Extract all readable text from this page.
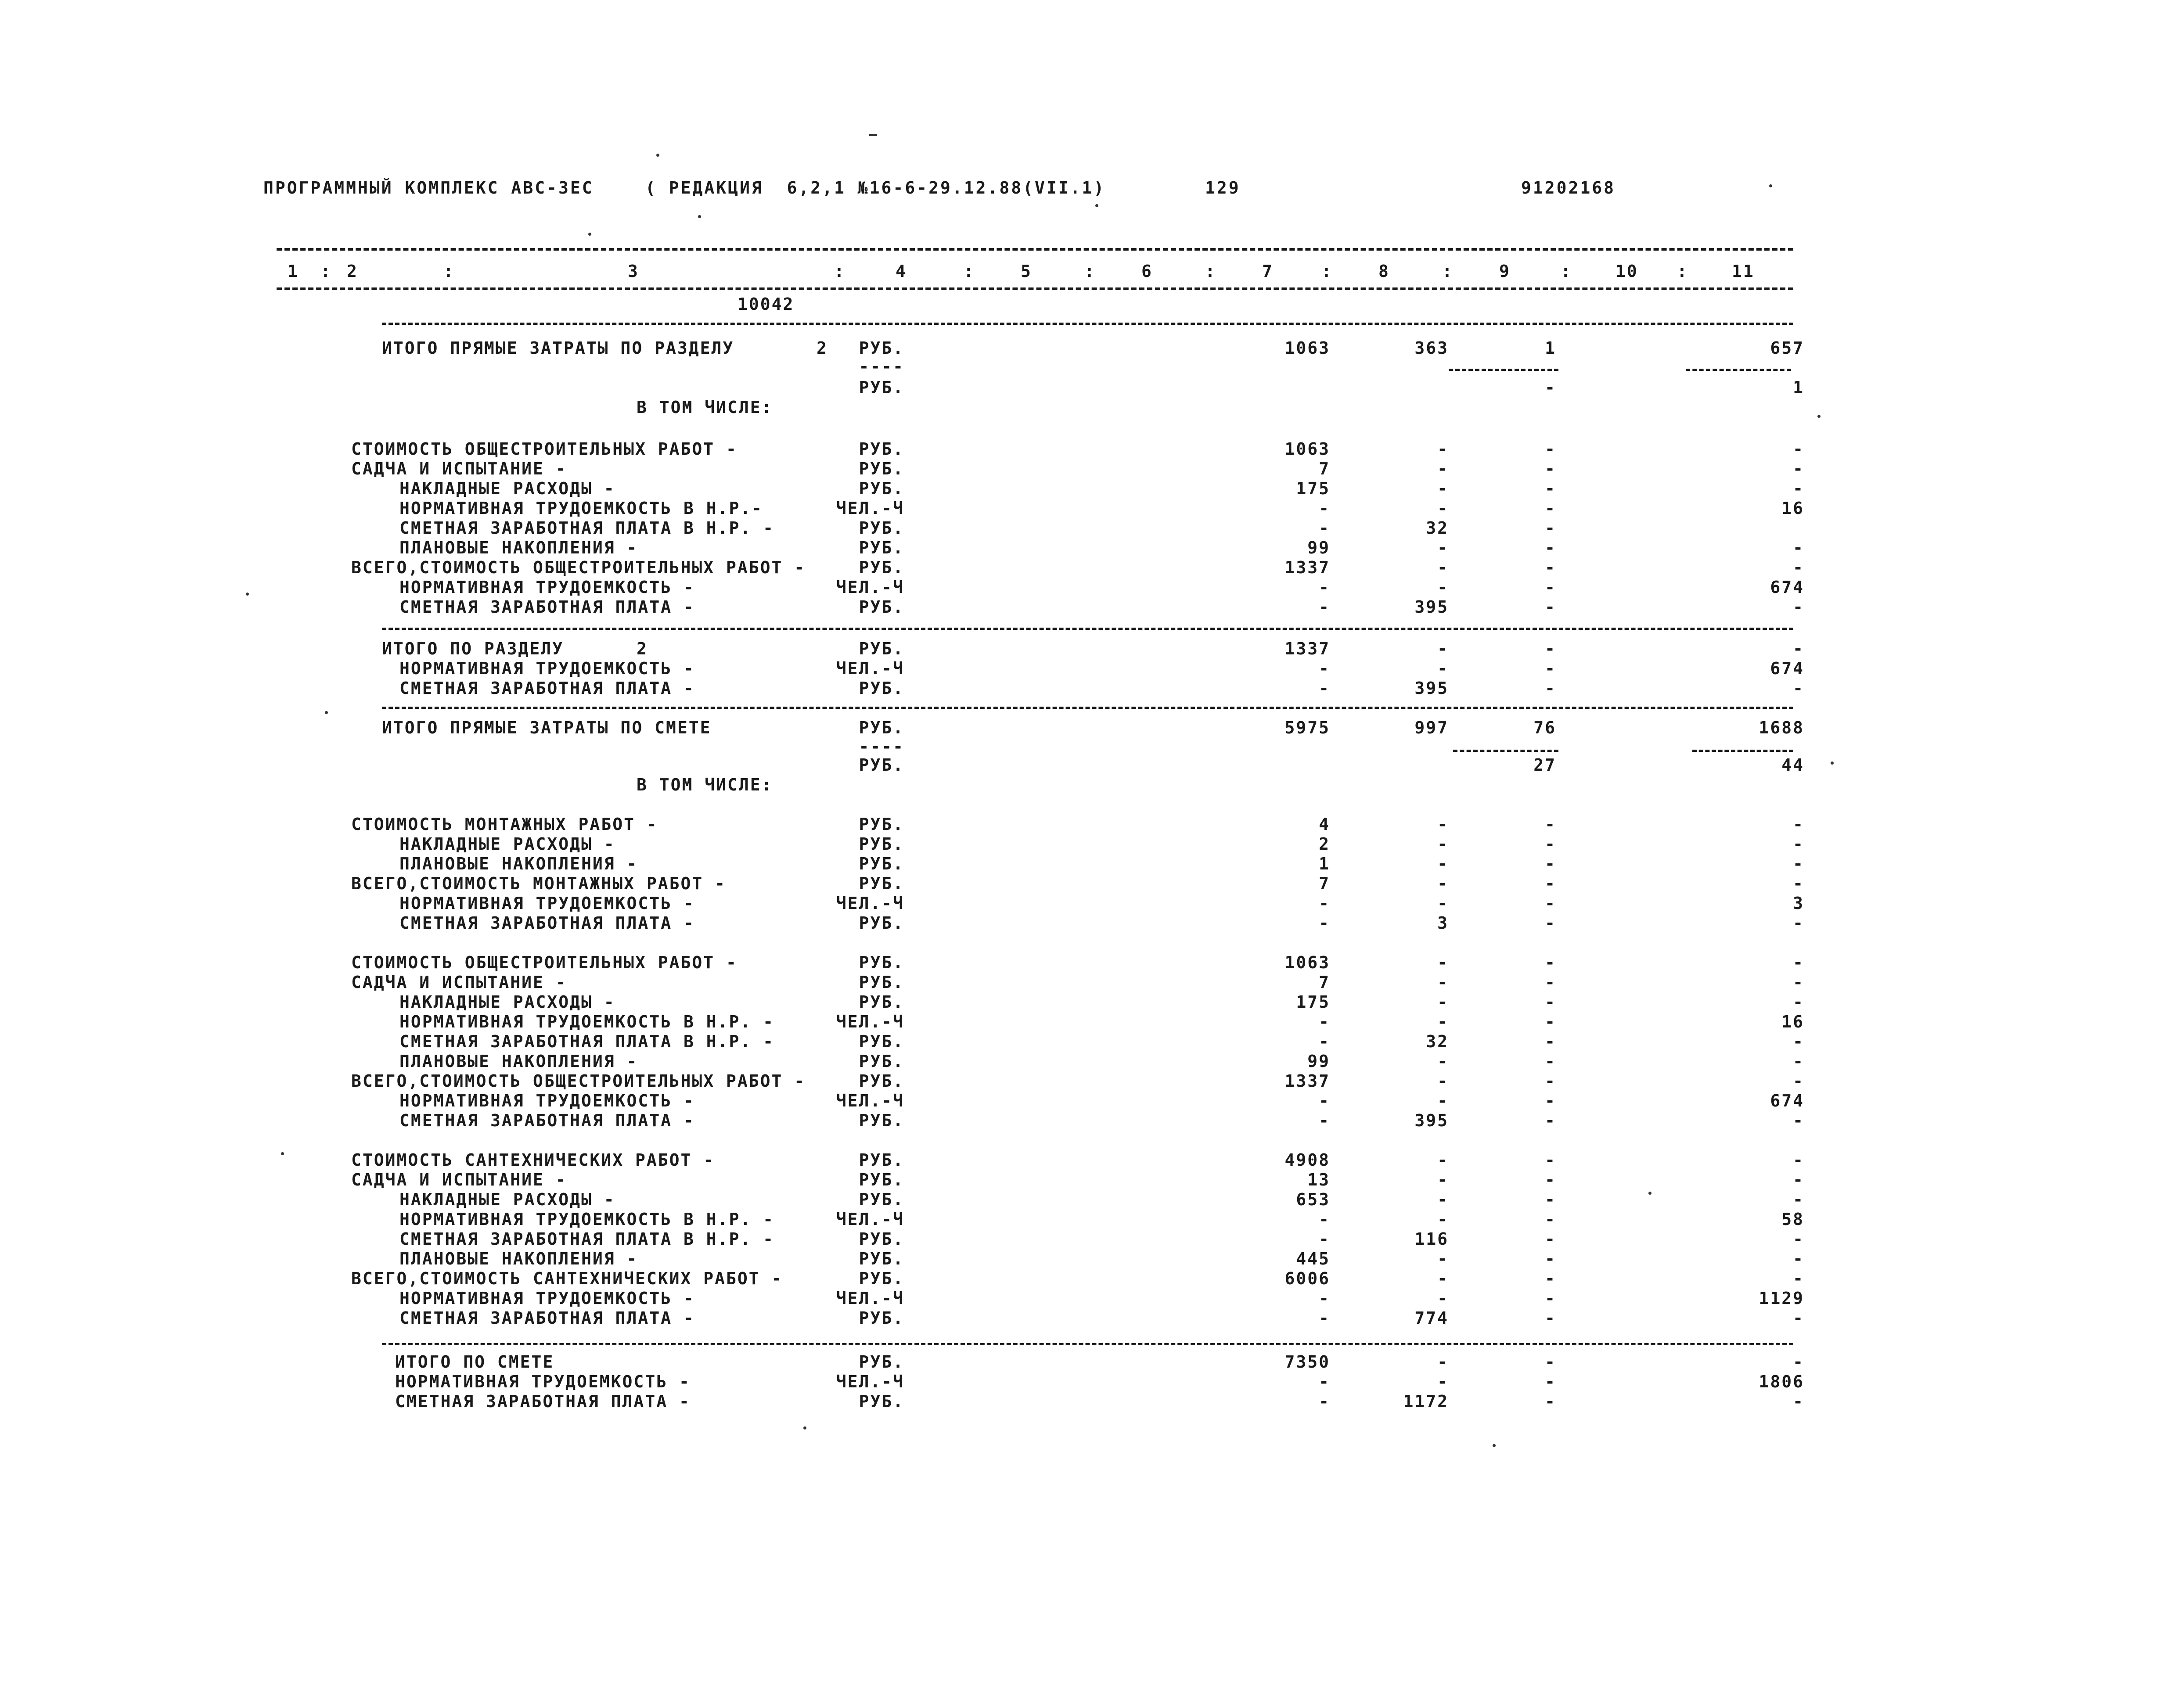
ПРОГРАММНЫЙ КОМПЛЕКС АВС-ЗЕС	( РЕДАКЦИЯ  6,2,1 №16-6-29.12.88(VII.1)	129	91202168
1 : 2	:	3	:	4	:	5	:	6	:	7	:	8	:	9	:	10 :	11
10042
ИТОГО ПРЯМЫЕ ЗАТРАТЫ ПО РАЗДЕЛУ	2	РУБ.	1063	363	1	657
----
РУБ.	-	1
В ТОМ ЧИСЛЕ:
СТОИМОСТЬ ОБЩЕСТРОИТЕЛЬНЫХ РАБОТ -	РУБ.	1063	-	-	-
САДЧА И ИСПЫТАНИЕ -	РУБ.	7	-	-	-
НАКЛАДНЫЕ РАСХОДЫ -	РУБ.	175	-	-	-
НОРМАТИВНАЯ ТРУДОЕМКОСТЬ В Н.Р.-	ЧЕЛ.-Ч	-	-	-	16
СМЕТНАЯ ЗАРАБОТНАЯ ПЛАТА В Н.Р. -	РУБ.	-	32	-
ПЛАНОВЫЕ НАКОПЛЕНИЯ -	РУБ.	99	-	-	-
ВСЕГО,СТОИМОСТЬ ОБЩЕСТРОИТЕЛЬНЫХ РАБОТ -	РУБ.	1337	-	-	-
НОРМАТИВНАЯ ТРУДОЕМКОСТЬ -	ЧЕЛ.-Ч	-	-	-	674
СМЕТНАЯ ЗАРАБОТНАЯ ПЛАТА -	РУБ.	-	395	-	-
ИТОГО ПО РАЗДЕЛУ	2	РУБ.	1337	-	-	-
НОРМАТИВНАЯ ТРУДОЕМКОСТЬ -	ЧЕЛ.-Ч	-	-	-	674
СМЕТНАЯ ЗАРАБОТНАЯ ПЛАТА -	РУБ.	-	395	-	-
ИТОГО ПРЯМЫЕ ЗАТРАТЫ ПО СМЕТЕ	РУБ.	5975	997	76	1688
----
РУБ.	27	44
В ТОМ ЧИСЛЕ:
СТОИМОСТЬ МОНТАЖНЫХ РАБОТ -	РУБ.	4	-	-	-
НАКЛАДНЫЕ РАСХОДЫ -	РУБ.	2	-	-	-
ПЛАНОВЫЕ НАКОПЛЕНИЯ -	РУБ.	1	-	-	-
ВСЕГО,СТОИМОСТЬ МОНТАЖНЫХ РАБОТ -	РУБ.	7	-	-	-
НОРМАТИВНАЯ ТРУДОЕМКОСТЬ -	ЧЕЛ.-Ч	-	-	-	3
СМЕТНАЯ ЗАРАБОТНАЯ ПЛАТА -	РУБ.	-	3	-	-
СТОИМОСТЬ ОБЩЕСТРОИТЕЛЬНЫХ РАБОТ -	РУБ.	1063	-	-	-
САДЧА И ИСПЫТАНИЕ -	РУБ.	7	-	-	-
НАКЛАДНЫЕ РАСХОДЫ -	РУБ.	175	-	-	-
НОРМАТИВНАЯ ТРУДОЕМКОСТЬ В Н.Р. -	ЧЕЛ.-Ч	-	-	-	16
СМЕТНАЯ ЗАРАБОТНАЯ ПЛАТА В Н.Р. -	РУБ.	-	32	-	-
ПЛАНОВЫЕ НАКОПЛЕНИЯ -	РУБ.	99	-	-	-
ВСЕГО,СТОИМОСТЬ ОБЩЕСТРОИТЕЛЬНЫХ РАБОТ -	РУБ.	1337	-	-	-
НОРМАТИВНАЯ ТРУДОЕМКОСТЬ -	ЧЕЛ.-Ч	-	-	-	674
СМЕТНАЯ ЗАРАБОТНАЯ ПЛАТА -	РУБ.	-	395	-	-
СТОИМОСТЬ САНТЕХНИЧЕСКИХ РАБОТ -	РУБ.	4908	-	-	-
САДЧА И ИСПЫТАНИЕ -	РУБ.	13	-	-	-
НАКЛАДНЫЕ РАСХОДЫ -	РУБ.	653	-	-	-
НОРМАТИВНАЯ ТРУДОЕМКОСТЬ В Н.Р. -	ЧЕЛ.-Ч	-	-	-	58
СМЕТНАЯ ЗАРАБОТНАЯ ПЛАТА В Н.Р. -	РУБ.	-	116	-	-
ПЛАНОВЫЕ НАКОПЛЕНИЯ -	РУБ.	445	-	-	-
ВСЕГО,СТОИМОСТЬ САНТЕХНИЧЕСКИХ РАБОТ -	РУБ.	6006	-	-	-
НОРМАТИВНАЯ ТРУДОЕМКОСТЬ -	ЧЕЛ.-Ч	-	-	-	1129
СМЕТНАЯ ЗАРАБОТНАЯ ПЛАТА -	РУБ.	-	774	-	-
ИТОГО ПО СМЕТЕ	РУБ.	7350	-	-	-
НОРМАТИВНАЯ ТРУДОЕМКОСТЬ -	ЧЕЛ.-Ч	-	-	-	1806
СМЕТНАЯ ЗАРАБОТНАЯ ПЛАТА -	РУБ.	-	1172	-	-
